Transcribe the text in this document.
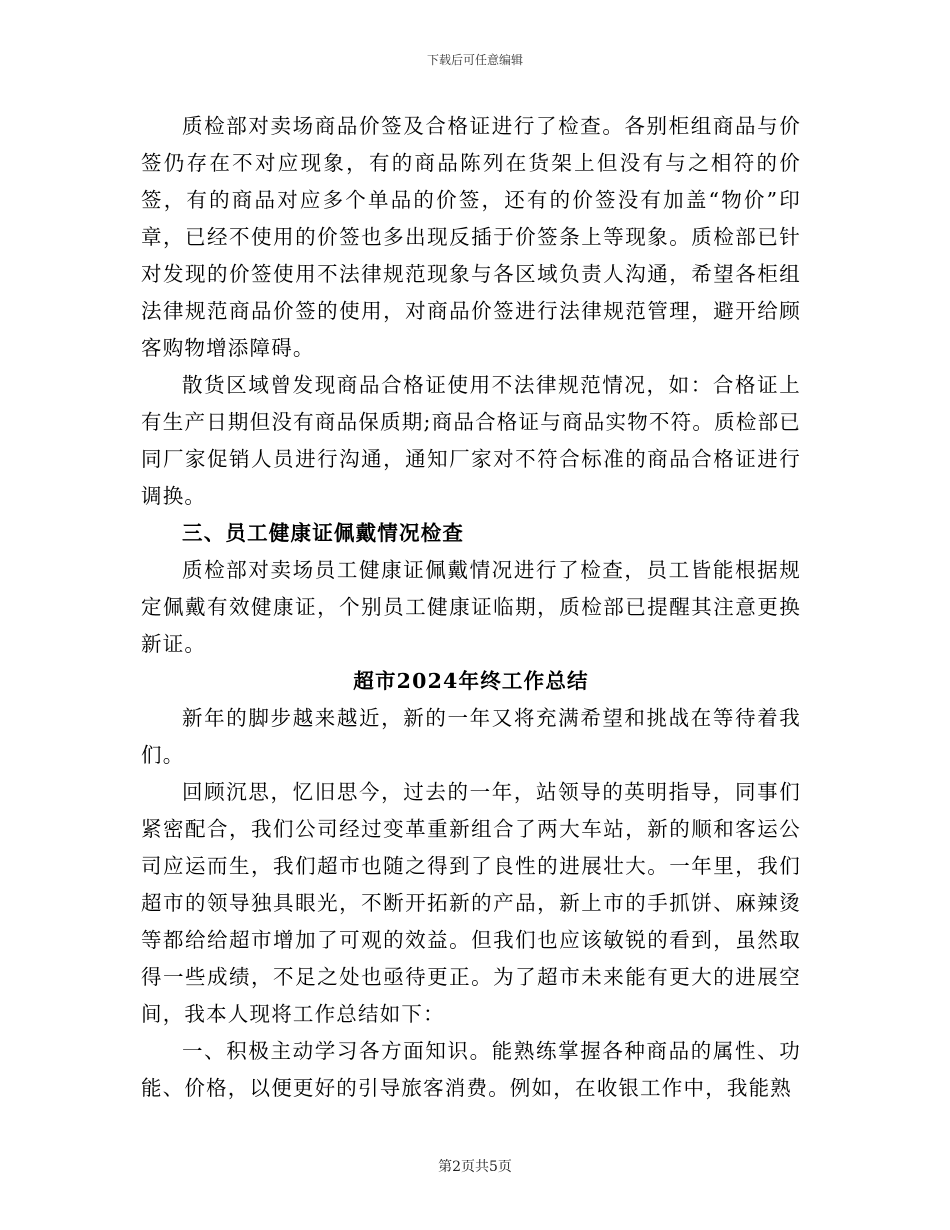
下载后可任意编辑

质检部对卖场商品价签及合格证进行了检查。各别柜组商品与价签仍存在不对应现象，有的商品陈列在货架上但没有与之相符的价签，有的商品对应多个单品的价签，还有的价签没有加盖“物价”印章，已经不使用的价签也多出现反插于价签条上等现象。质检部已针对发现的价签使用不法律规范现象与各区域负责人沟通，希望各柜组法律规范商品价签的使用，对商品价签进行法律规范管理，避开给顾客购物增添障碍。

散货区域曾发现商品合格证使用不法律规范情况，如：合格证上有生产日期但没有商品保质期;商品合格证与商品实物不符。质检部已同厂家促销人员进行沟通，通知厂家对不符合标准的商品合格证进行调换。

三、员工健康证佩戴情况检查

质检部对卖场员工健康证佩戴情况进行了检查，员工皆能根据规定佩戴有效健康证，个别员工健康证临期，质检部已提醒其注意更换新证。

超市2024年终工作总结

新年的脚步越来越近，新的一年又将充满希望和挑战在等待着我们。

回顾沉思，忆旧思今，过去的一年，站领导的英明指导，同事们紧密配合，我们公司经过变革重新组合了两大车站，新的顺和客运公司应运而生，我们超市也随之得到了良性的进展壮大。一年里，我们超市的领导独具眼光，不断开拓新的产品，新上市的手抓饼、麻辣烫等都给给超市增加了可观的效益。但我们也应该敏锐的看到，虽然取得一些成绩，不足之处也亟待更正。为了超市未来能有更大的进展空间，我本人现将工作总结如下：

一、积极主动学习各方面知识。能熟练掌握各种商品的属性、功能、价格，以便更好的引导旅客消费。例如，在收银工作中，我能熟

第2页共5页
